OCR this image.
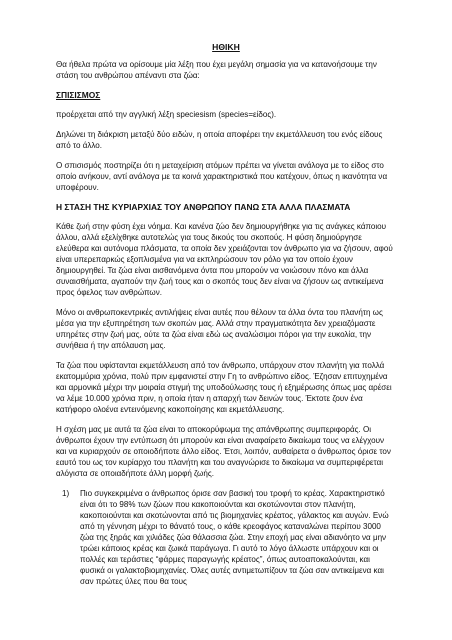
ΗΘΙΚΗ

Θα ήθελα πρώτα να ορίσουμε μία λέξη που έχει μεγάλη σημασία για να κατανοήσουμε την στάση του ανθρώπου απέναντι στα ζώα:

ΣΠΙΣΙΣΜΟΣ

προέρχεται από την αγγλική λέξη speciesism (species=είδος).

Δηλώνει τη διάκριση μεταξύ δύο ειδών, η οποία αποφέρει την εκμετάλλευση του ενός είδους από το άλλο.

Ο σπισισμός ποστηρίζει ότι η μεταχείριση ατόμων πρέπει να γίνεται ανάλογα με το είδος στο οποίο ανήκουν, αντί ανάλογα με τα κοινά χαρακτηριστικά που κατέχουν, όπως η ικανότητα να υποφέρουν.

Η ΣΤΑΣΗ ΤΗΣ ΚΥΡΙΑΡΧΙΑΣ ΤΟΥ ΑΝΘΡΩΠΟΥ ΠΑΝΩ ΣΤΑ ΑΛΛΑ ΠΛΑΣΜΑΤΑ

Κάθε ζωή στην φύση έχει νόημα. Και κανένα ζώο δεν δημιουργήθηκε για τις ανάγκες κάποιου άλλου, αλλά εξελίχθηκε αυτοτελώς για τους δικούς του σκοπούς. Η φύση δημιούργησε ελεύθερα και αυτόνομα πλάσματα, τα οποία δεν χρειάζονται τον άνθρωπο για να ζήσουν, αφού είναι υπερεπαρκώς εξοπλισμένα για να εκπληρώσουν τον ρόλο για τον οποίο έχουν δημιουργηθεί. Τα ζώα είναι αισθανόμενα όντα που μπορούν να νοιώσουν πόνο και άλλα συναισθήματα, αγαπούν την ζωή τους και ο σκοπός τους δεν είναι να ζήσουν ως αντικείμενα προς όφελος των ανθρώπων.

Μόνο οι ανθρωποκεντρικές αντιλήψεις είναι αυτές που θέλουν τα άλλα όντα του πλανήτη ως μέσα για την εξυπηρέτηση των σκοπών μας. Αλλά στην πραγματικότητα δεν χρειαζόμαστε υπηρέτες στην ζωή μας, ούτε τα ζώα είναι εδώ ως αναλώσιμοι πόροι για την ευκολία, την συνήθεια ή την απόλαυση μας.

Τα ζώα που υφίστανται εκμετάλλευση από τον άνθρωπο, υπάρχουν στον πλανήτη για πολλά εκατομμύρια χρόνια, πολύ πριν εμφανιστεί στην Γη το ανθρώπινο είδος. Έζησαν επιτυχημένα και αρμονικά μέχρι την μοιραία στιγμή της υποδούλωσης τους ή εξημέρωσης όπως μας αρέσει να λέμε 10.000 χρόνια πριν, η οποία ήταν η απαρχή των δεινών τους. Έκτοτε ζουν ένα κατήφορο ολοένα εντεινόμενης κακοποίησης και εκμετάλλευσης.

Η σχέση μας με αυτά τα ζώα είναι το αποκορύφωμα της απάνθρωπης συμπεριφοράς. Οι άνθρωποι έχουν την εντύπωση ότι μπορούν και είναι αναφαίρετο δικαίωμα τους να ελέγχουν και να κυριαρχούν σε οποιοδήποτε άλλο είδος. Έτσι, λοιπόν, αυθαίρετα ο άνθρωπος όρισε τον εαυτό του ως τον κυρίαρχο του πλανήτη και του αναγνώρισε το δικαίωμα να συμπεριφέρεται αλόγιστα σε οποιαδήποτε άλλη μορφή ζωής.

1) Πιο συγκεκριμένα ο άνθρωπος όρισε σαν βασική του τροφή το κρέας. Χαρακτηριστικό είναι ότι το 98% των ζώων που κακοποιούνται και σκοτώνονται στον πλανήτη, κακοποιούνται και σκοτώνονται από τις βιομηχανίες κρέατος, γάλακτος και αυγών. Ενώ από τη γέννηση μέχρι το θάνατό τους, ο κάθε κρεοφάγος καταναλώνει περίπου 3000 ζώα της ξηράς και χιλιάδες ζώα θάλασσια ζώα. Στην εποχή μας είναι αδιανόητο να μην τρώει κάποιος κρέας και ζωικά παράγωγα. Γι αυτό το λόγο άλλωστε υπάρχουν και οι πολλές και τεράστιες “φάρμες παραγωγής κρέατος”, όπως αυτοαποκαλούνται, και φυσικά οι γαλακτοβιομηχανίες. Όλες αυτές αντιμετωπίζουν τα ζώα σαν αντικείμενα και σαν πρώτες ύλες που θα τους
